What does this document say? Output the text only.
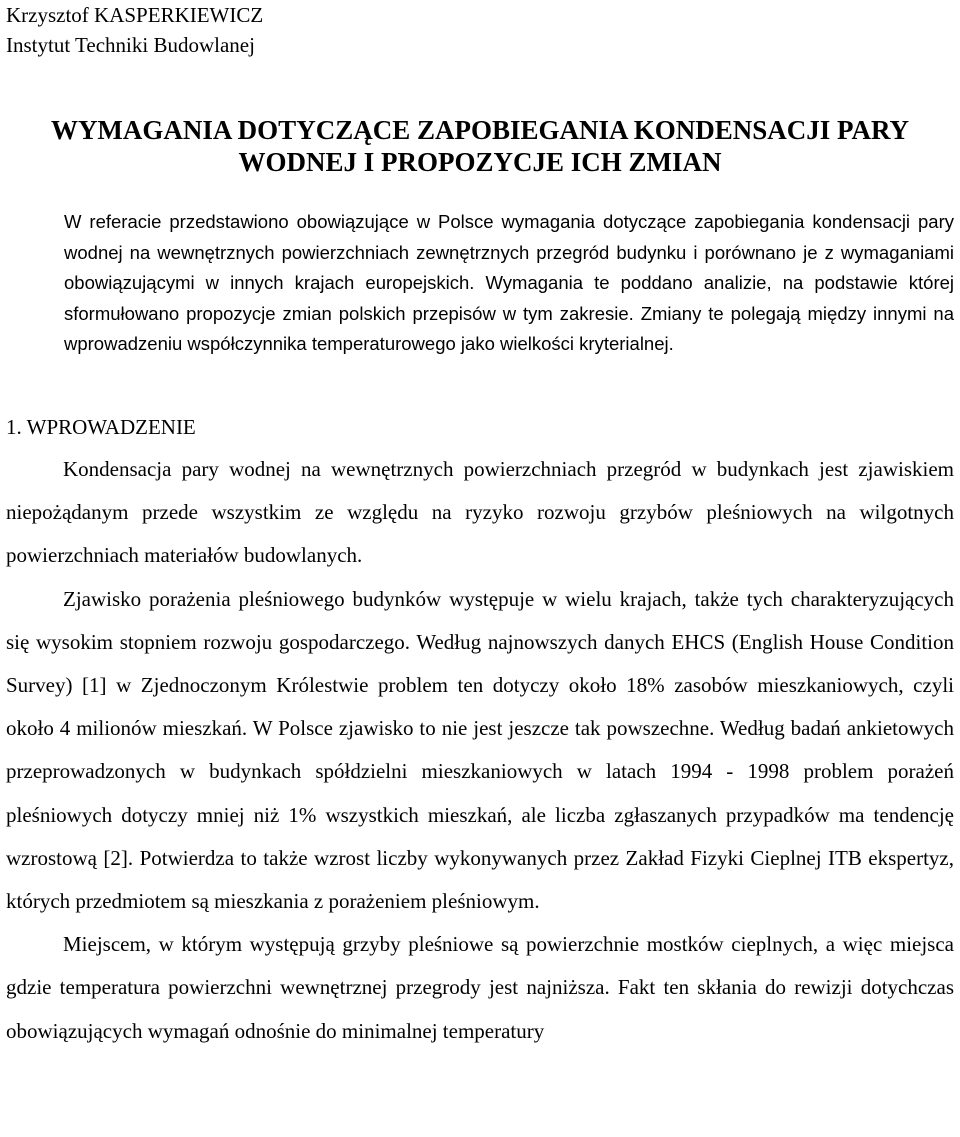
Krzysztof KASPERKIEWICZ
Instytut Techniki Budowlanej
WYMAGANIA DOTYCZĄCE ZAPOBIEGANIA KONDENSACJI PARY WODNEJ I PROPOZYCJE ICH ZMIAN

W referacie przedstawiono obowiązujące w Polsce wymagania dotyczące zapobiegania kondensacji pary wodnej na wewnętrznych powierzchniach zewnętrznych przegród budynku i porównano je z wymaganiami obowiązującymi w innych krajach europejskich. Wymagania te poddano analizie, na podstawie której sformułowano propozycje zmian polskich przepisów w tym zakresie. Zmiany te polegają między innymi na wprowadzeniu współczynnika temperaturowego jako wielkości kryterialnej.

1. WPROWADZENIE

Kondensacja pary wodnej na wewnętrznych powierzchniach przegród w budynkach jest zjawiskiem niepożądanym przede wszystkim ze względu na ryzyko rozwoju grzybów pleśniowych na wilgotnych powierzchniach materiałów budowlanych.

Zjawisko porażenia pleśniowego budynków występuje w wielu krajach, także tych charakteryzujących się wysokim stopniem rozwoju gospodarczego. Według najnowszych danych EHCS (English House Condition Survey) [1] w Zjednoczonym Królestwie problem ten dotyczy około 18% zasobów mieszkaniowych, czyli około 4 milionów mieszkań. W Polsce zjawisko to nie jest jeszcze tak powszechne. Według badań ankietowych przeprowadzonych w budynkach spółdzielni mieszkaniowych w latach 1994 - 1998 problem porażeń pleśniowych dotyczy mniej niż 1% wszystkich mieszkań, ale liczba zgłaszanych przypadków ma tendencję wzrostową [2]. Potwierdza to także wzrost liczby wykonywanych przez Zakład Fizyki Cieplnej ITB ekspertyz, których przedmiotem są mieszkania z porażeniem pleśniowym.

Miejscem, w którym występują grzyby pleśniowe są powierzchnie mostków cieplnych, a więc miejsca gdzie temperatura powierzchni wewnętrznej przegrody jest najniższa. Fakt ten skłania do rewizji dotychczas obowiązujących wymagań odnośnie do minimalnej temperatury
